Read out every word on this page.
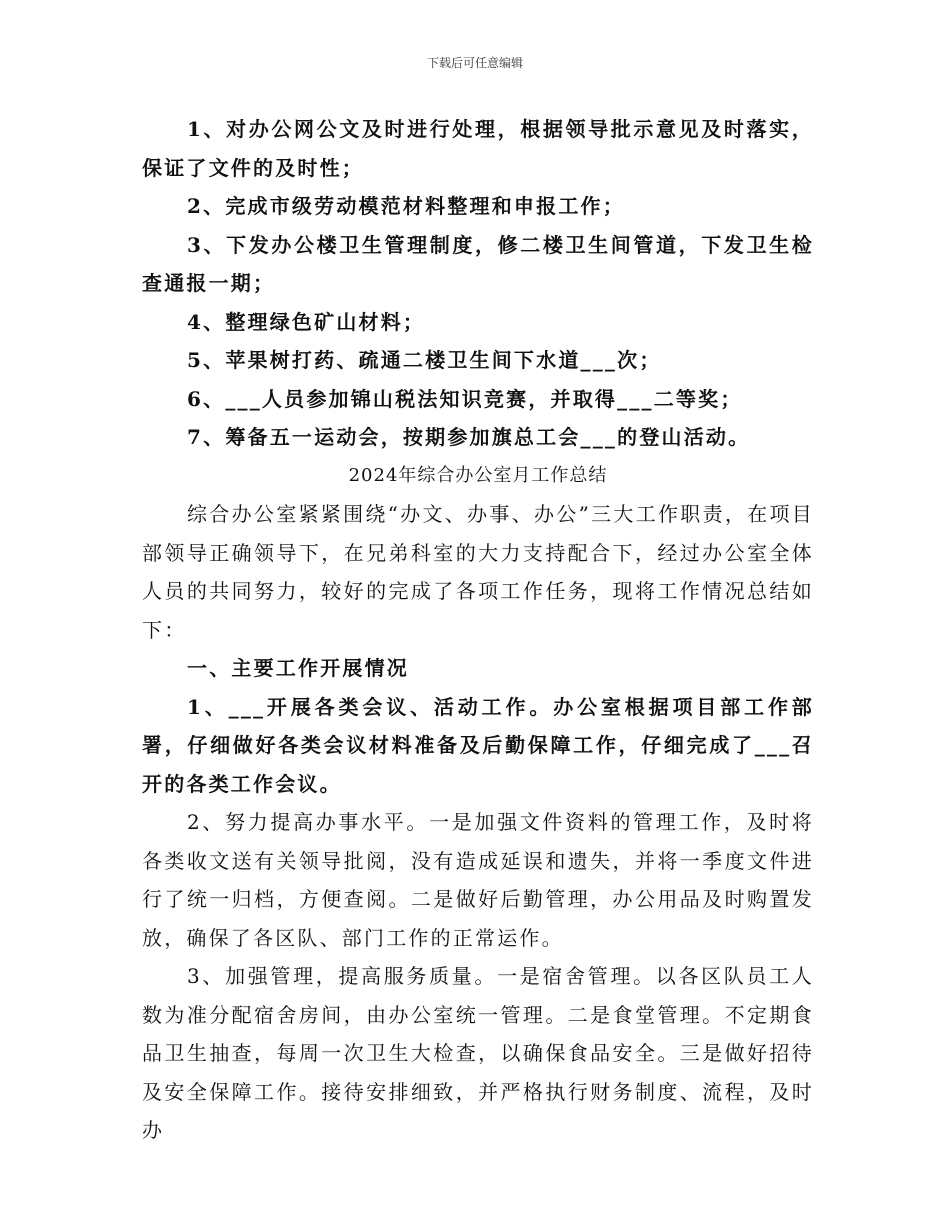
下载后可任意编辑

1、对办公网公文及时进行处理，根据领导批示意见及时落实，保证了文件的及时性；

2、完成市级劳动模范材料整理和申报工作；

3、下发办公楼卫生管理制度，修二楼卫生间管道，下发卫生检查通报一期；

4、整理绿色矿山材料；

5、苹果树打药、疏通二楼卫生间下水道___次；

6、___人员参加锦山税法知识竞赛，并取得___二等奖；

7、筹备五一运动会，按期参加旗总工会___的登山活动。

2024年综合办公室月工作总结

综合办公室紧紧围绕“办文、办事、办公”三大工作职责，在项目部领导正确领导下，在兄弟科室的大力支持配合下，经过办公室全体人员的共同努力，较好的完成了各项工作任务，现将工作情况总结如下：

一、主要工作开展情况

1、___开展各类会议、活动工作。办公室根据项目部工作部署，仔细做好各类会议材料准备及后勤保障工作，仔细完成了___召开的各类工作会议。

2、努力提高办事水平。一是加强文件资料的管理工作，及时将各类收文送有关领导批阅，没有造成延误和遗失，并将一季度文件进行了统一归档，方便查阅。二是做好后勤管理，办公用品及时购置发放，确保了各区队、部门工作的正常运作。

3、加强管理，提高服务质量。一是宿舍管理。以各区队员工人数为准分配宿舍房间，由办公室统一管理。二是食堂管理。不定期食品卫生抽查，每周一次卫生大检查，以确保食品安全。三是做好招待及安全保障工作。接待安排细致，并严格执行财务制度、流程，及时办
